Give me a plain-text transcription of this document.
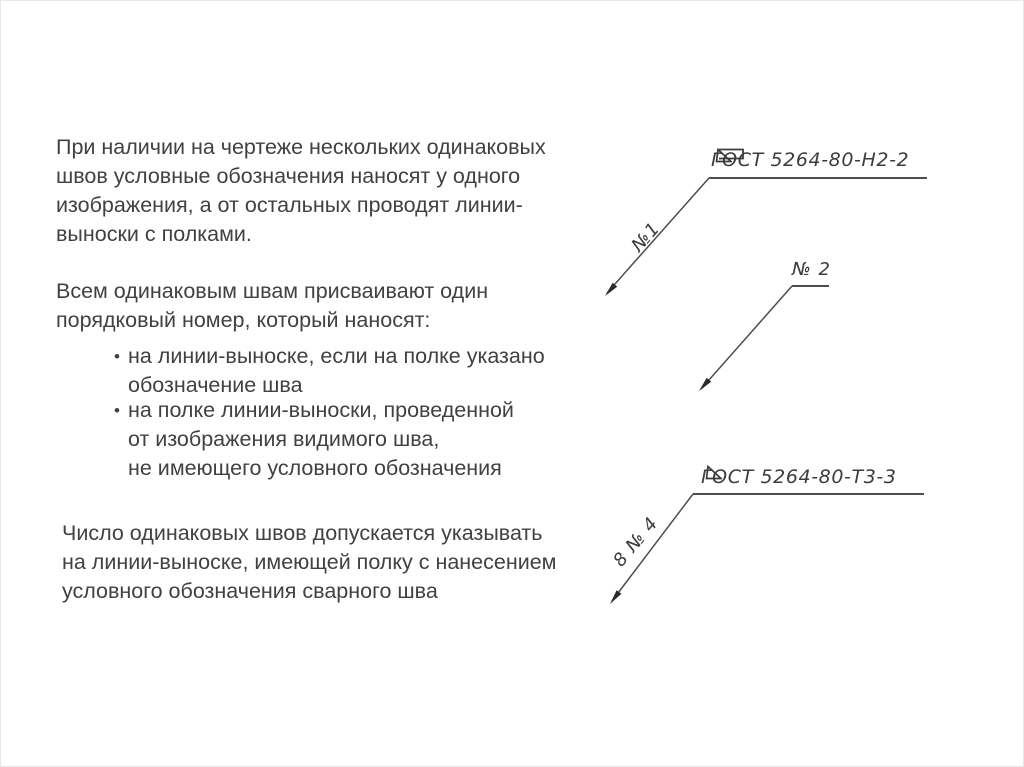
При наличии на чертеже нескольких одинаковых
швов условные обозначения наносят у одного
изображения, а от остальных проводят линии-
выноски с полками.
Всем одинаковым швам присваивают один
порядковый номер, который наносят:
• на линии-выноске, если на полке указано
обозначение шва
• на полке линии-выноски, проведенной
от изображения видимого шва,
не имеющего условного обозначения
Число одинаковых швов допускается указывать
на линии-выноске, имеющей полку с нанесением
условного обозначения сварного шва
ГОСТ 5264-80-Н2- 2
№1
№ 2
ГОСТ 5264-80-Т3- 3
8 № 4
